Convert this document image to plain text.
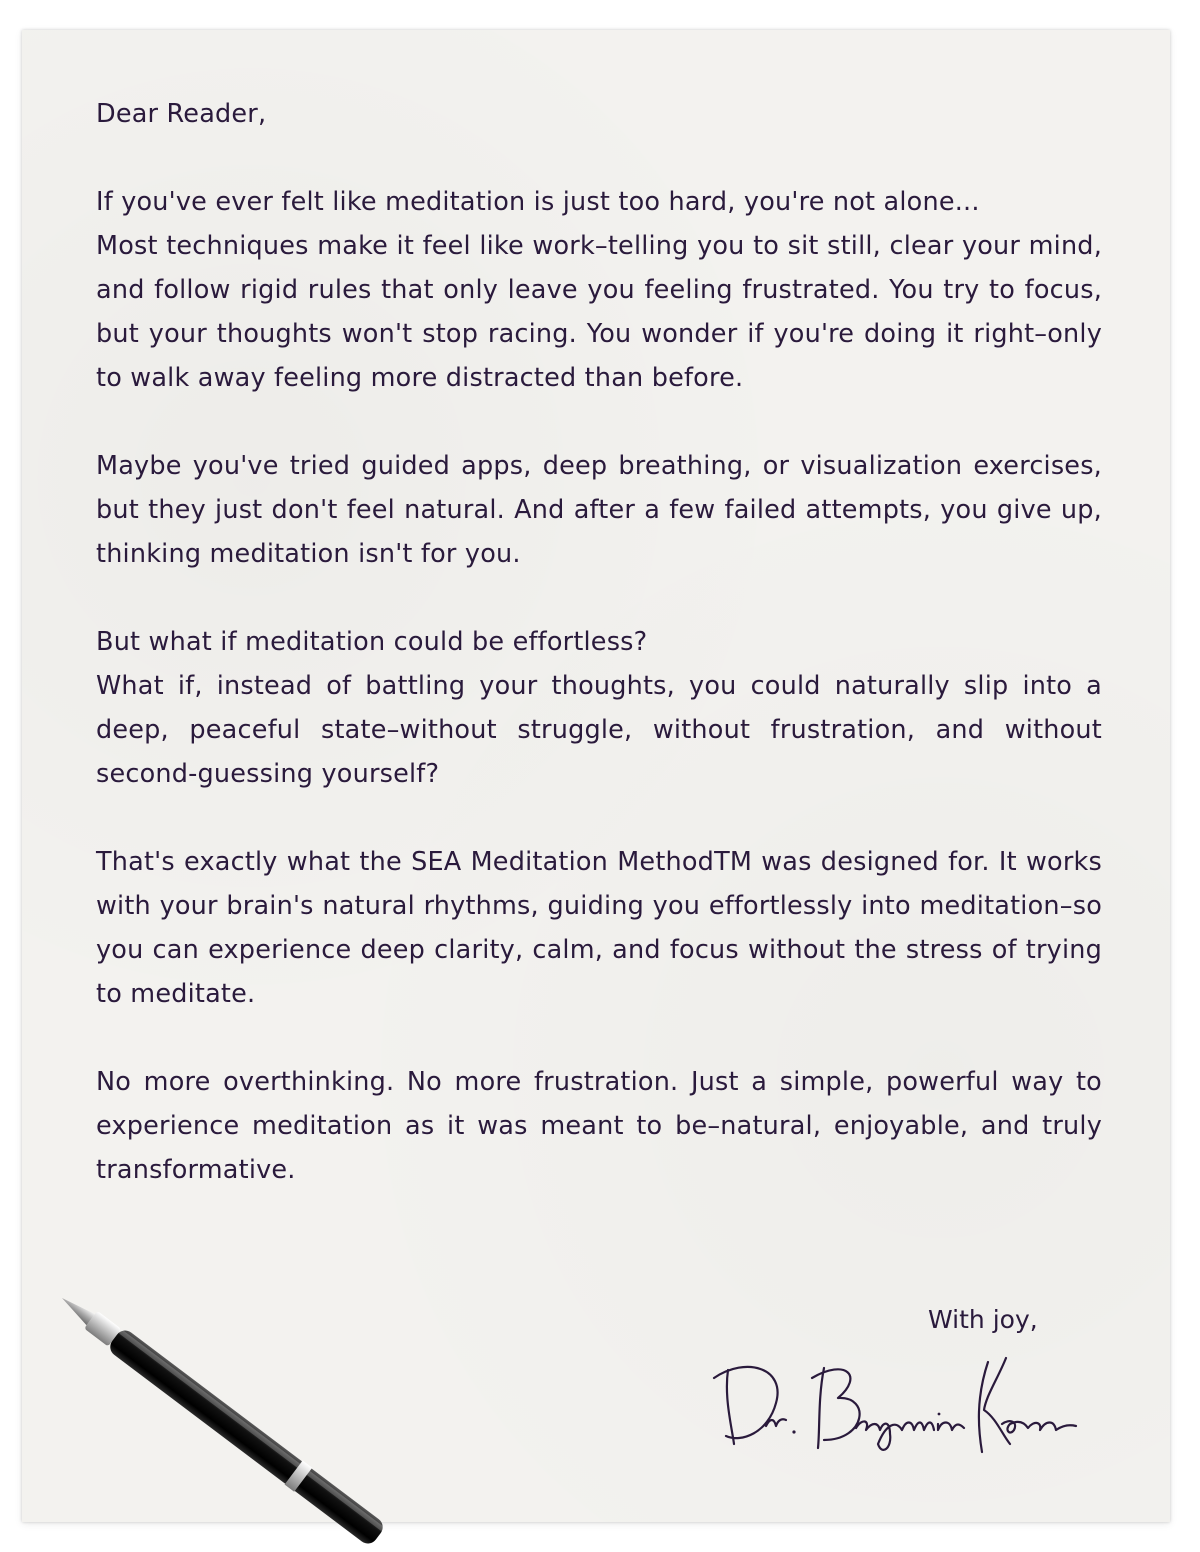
Dear Reader,

If you've ever felt like meditation is just too hard, you're not alone...

Most techniques make it feel like work–telling you to sit still, clear your mind, and follow rigid rules that only leave you feeling frustrated. You try to focus, but your thoughts won't stop racing. You wonder if you're doing it right–only to walk away feeling more distracted than before.

Maybe you've tried guided apps, deep breathing, or visualization exercises, but they just don't feel natural. And after a few failed attempts, you give up, thinking meditation isn't for you.

But what if meditation could be effortless?

What if, instead of battling your thoughts, you could naturally slip into a deep, peaceful state–without struggle, without frustration, and without second-guessing yourself?

That's exactly what the SEA Meditation MethodTM was designed for. It works with your brain's natural rhythms, guiding you effortlessly into meditation–so you can experience deep clarity, calm, and focus without the stress of trying to meditate.

No more overthinking. No more frustration. Just a simple, powerful way to experience meditation as it was meant to be–natural, enjoyable, and truly transformative.

With joy,
